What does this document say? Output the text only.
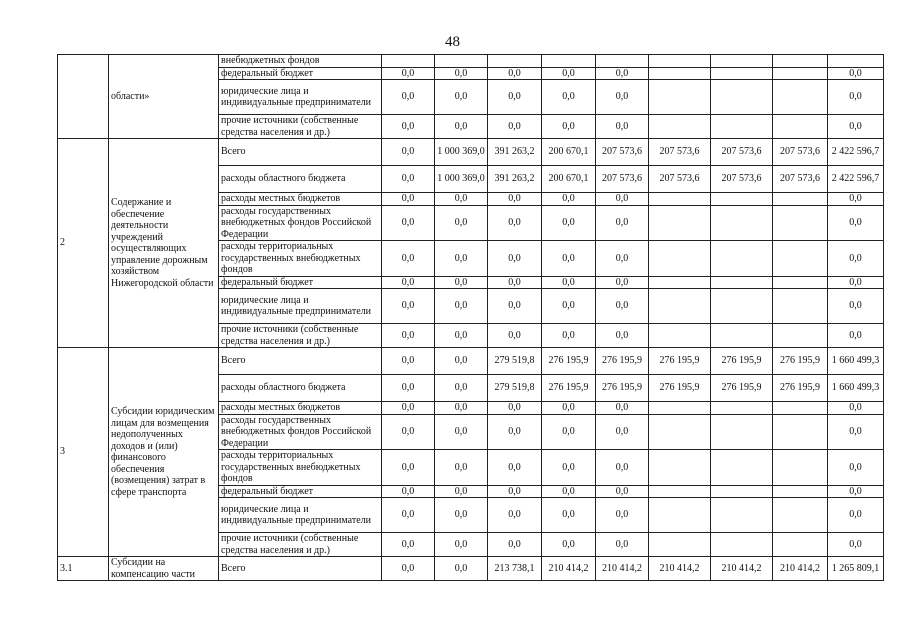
48
	области»	внебюджетных фондов									
		федеральный бюджет	0,0	0,0	0,0	0,0	0,0				0,0
		юридические лица и индивидуальные предприниматели	0,0	0,0	0,0	0,0	0,0				0,0
		прочие источники (собственные средства населения и др.)	0,0	0,0	0,0	0,0	0,0				0,0
2	Содержание и обеспечение деятельности учреждений осуществляющих управление дорожным хозяйством Нижегородской области	Всего	0,0	1 000 369,0	391 263,2	200 670,1	207 573,6	207 573,6	207 573,6	207 573,6	2 422 596,7
		расходы областного бюджета	0,0	1 000 369,0	391 263,2	200 670,1	207 573,6	207 573,6	207 573,6	207 573,6	2 422 596,7
		расходы местных бюджетов	0,0	0,0	0,0	0,0	0,0				0,0
		расходы государственных внебюджетных фондов Российской Федерации	0,0	0,0	0,0	0,0	0,0				0,0
		расходы территориальных государственных внебюджетных фондов	0,0	0,0	0,0	0,0	0,0				0,0
		федеральный бюджет	0,0	0,0	0,0	0,0	0,0				0,0
		юридические лица и индивидуальные предприниматели	0,0	0,0	0,0	0,0	0,0				0,0
		прочие источники (собственные средства населения и др.)	0,0	0,0	0,0	0,0	0,0				0,0
3	Субсидии юридическим лицам для возмещения недополученных доходов и (или) финансового обеспечения (возмещения) затрат в сфере транспорта	Всего	0,0	0,0	279 519,8	276 195,9	276 195,9	276 195,9	276 195,9	276 195,9	1 660 499,3
		расходы областного бюджета	0,0	0,0	279 519,8	276 195,9	276 195,9	276 195,9	276 195,9	276 195,9	1 660 499,3
		расходы местных бюджетов	0,0	0,0	0,0	0,0	0,0				0,0
		расходы государственных внебюджетных фондов Российской Федерации	0,0	0,0	0,0	0,0	0,0				0,0
		расходы территориальных государственных внебюджетных фондов	0,0	0,0	0,0	0,0	0,0				0,0
		федеральный бюджет	0,0	0,0	0,0	0,0	0,0				0,0
		юридические лица и индивидуальные предприниматели	0,0	0,0	0,0	0,0	0,0				0,0
		прочие источники (собственные средства населения и др.)	0,0	0,0	0,0	0,0	0,0				0,0
3.1	Субсидии на компенсацию части	Всего	0,0	0,0	213 738,1	210 414,2	210 414,2	210 414,2	210 414,2	210 414,2	1 265 809,1
